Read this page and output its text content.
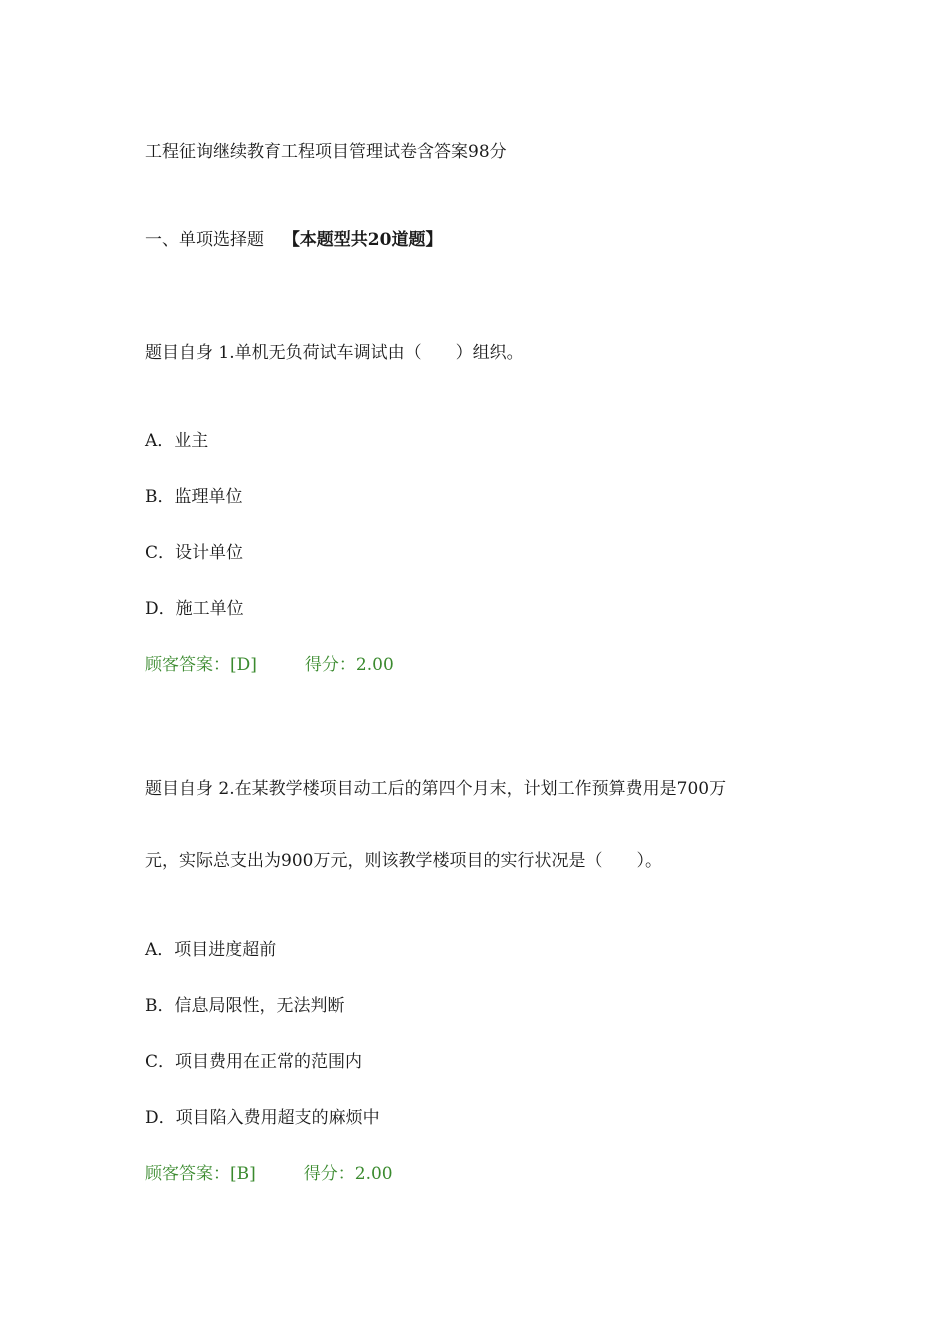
工程征询继续教育工程项目管理试卷含答案98分
一、单项选择题 【本题型共20道题】
题目自身 1.单机无负荷试车调试由（　　）组织。
A．业主
B．监理单位
C．设计单位
D．施工单位
顾客答案：[D]	得分：2.00
题目自身 2.在某教学楼项目动工后的第四个月末，计划工作预算费用是700万
元，实际总支出为900万元，则该教学楼项目的实行状况是（　　）。
A．项目进度超前
B．信息局限性，无法判断
C．项目费用在正常的范围内
D．项目陷入费用超支的麻烦中
顾客答案：[B]	得分：2.00
